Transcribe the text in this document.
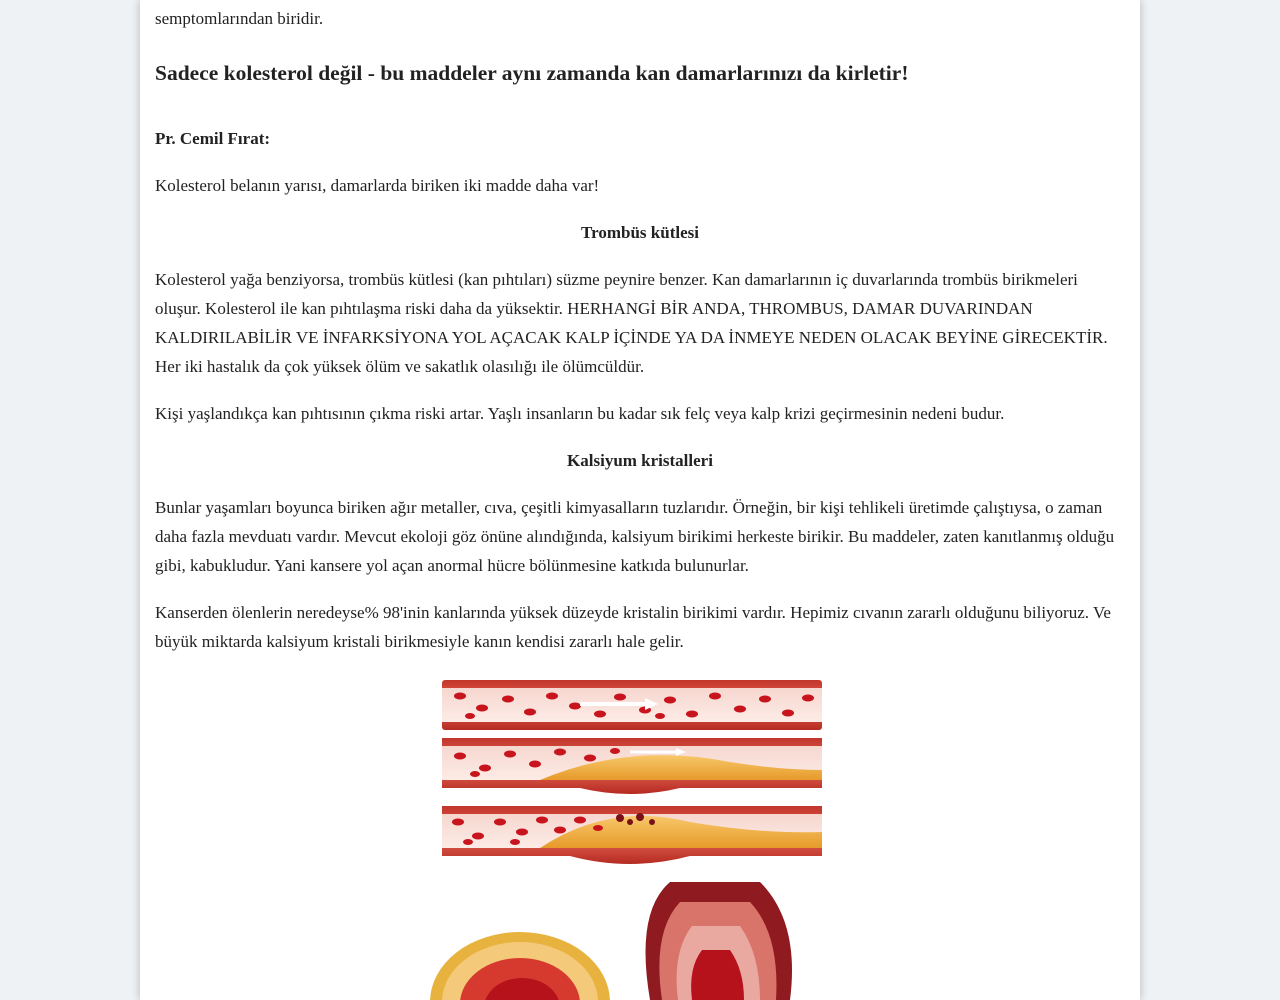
semptomlarından biridir.

Sadece kolesterol değil - bu maddeler aynı zamanda kan damarlarınızı da kirletir!

Pr. Cemil Fırat:

Kolesterol belanın yarısı, damarlarda biriken iki madde daha var!

Trombüs kütlesi

Kolesterol yağa benziyorsa, trombüs kütlesi (kan pıhtıları) süzme peynire benzer. Kan damarlarının iç duvarlarında trombüs birikmeleri oluşur. Kolesterol ile kan pıhtılaşma riski daha da yüksektir. HERHANGİ BİR ANDA, THROMBUS, DAMAR DUVARINDAN KALDIRILABİLİR VE İNFARKSİYONA YOL AÇACAK KALP İÇİNDE YA DA İNMEYE NEDEN OLACAK BEYİNE GİRECEKTİR. Her iki hastalık da çok yüksek ölüm ve sakatlık olasılığı ile ölümcüldür.

Kişi yaşlandıkça kan pıhtısının çıkma riski artar. Yaşlı insanların bu kadar sık felç veya kalp krizi geçirmesinin nedeni budur.

Kalsiyum kristalleri

Bunlar yaşamları boyunca biriken ağır metaller, cıva, çeşitli kimyasalların tuzlarıdır. Örneğin, bir kişi tehlikeli üretimde çalıştıysa, o zaman daha fazla mevduatı vardır. Mevcut ekoloji göz önüne alındığında, kalsiyum birikimi herkeste birikir. Bu maddeler, zaten kanıtlanmış olduğu gibi, kabukludur. Yani kansere yol açan anormal hücre bölünmesine katkıda bulunurlar.

Kanserden ölenlerin neredeyse% 98'inin kanlarında yüksek düzeyde kristalin birikimi vardır. Hepimiz cıvanın zararlı olduğunu biliyoruz. Ve büyük miktarda kalsiyum kristali birikmesiyle kanın kendisi zararlı hale gelir.
